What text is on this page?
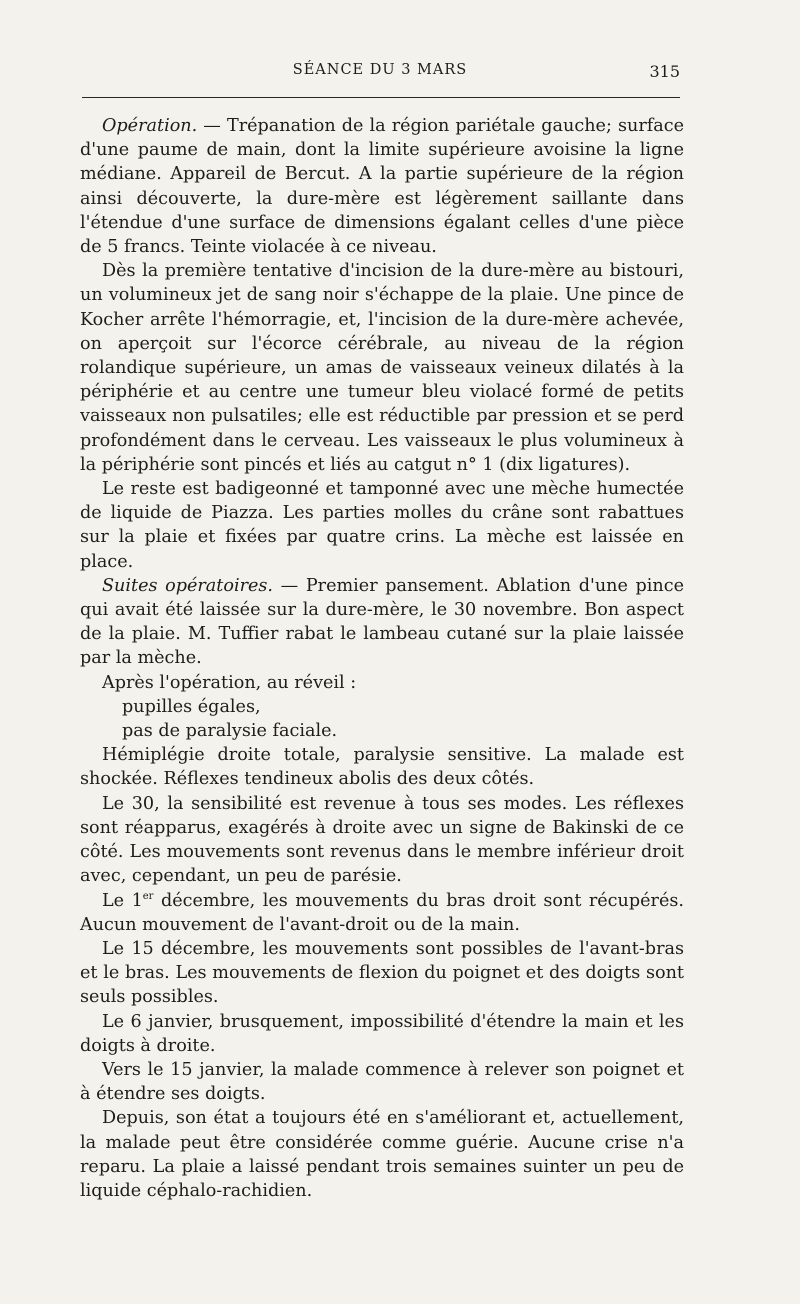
SÉANCE DU 3 MARS	315

Opération. — Trépanation de la région pariétale gauche; surface d'une paume de main, dont la limite supérieure avoisine la ligne médiane. Appareil de Bercut. A la partie supérieure de la région ainsi découverte, la dure-mère est légèrement saillante dans l'étendue d'une surface de dimensions égalant celles d'une pièce de 5 francs. Teinte violacée à ce niveau.

Dès la première tentative d'incision de la dure-mère au bistouri, un volumineux jet de sang noir s'échappe de la plaie. Une pince de Kocher arrête l'hémorragie, et, l'incision de la dure-mère achevée, on aperçoit sur l'écorce cérébrale, au niveau de la région rolandique supérieure, un amas de vaisseaux veineux dilatés à la périphérie et au centre une tumeur bleu violacé formé de petits vaisseaux non pulsatiles; elle est réductible par pression et se perd profondément dans le cerveau. Les vaisseaux le plus volumineux à la périphérie sont pincés et liés au catgut n° 1 (dix ligatures).

Le reste est badigeonné et tamponné avec une mèche humectée de liquide de Piazza. Les parties molles du crâne sont rabattues sur la plaie et fixées par quatre crins. La mèche est laissée en place.

Suites opératoires. — Premier pansement. Ablation d'une pince qui avait été laissée sur la dure-mère, le 30 novembre. Bon aspect de la plaie. M. Tuffier rabat le lambeau cutané sur la plaie laissée par la mèche.

Après l'opération, au réveil :

pupilles égales,

pas de paralysie faciale.

Hémiplégie droite totale, paralysie sensitive. La malade est shockée. Réflexes tendineux abolis des deux côtés.

Le 30, la sensibilité est revenue à tous ses modes. Les réflexes sont réapparus, exagérés à droite avec un signe de Bakinski de ce côté. Les mouvements sont revenus dans le membre inférieur droit avec, cependant, un peu de parésie.

Le 1er décembre, les mouvements du bras droit sont récupérés. Aucun mouvement de l'avant-droit ou de la main.

Le 15 décembre, les mouvements sont possibles de l'avant-bras et le bras. Les mouvements de flexion du poignet et des doigts sont seuls possibles.

Le 6 janvier, brusquement, impossibilité d'étendre la main et les doigts à droite.

Vers le 15 janvier, la malade commence à relever son poignet et à étendre ses doigts.

Depuis, son état a toujours été en s'améliorant et, actuellement, la malade peut être considérée comme guérie. Aucune crise n'a reparu. La plaie a laissé pendant trois semaines suinter un peu de liquide céphalo-rachidien.
